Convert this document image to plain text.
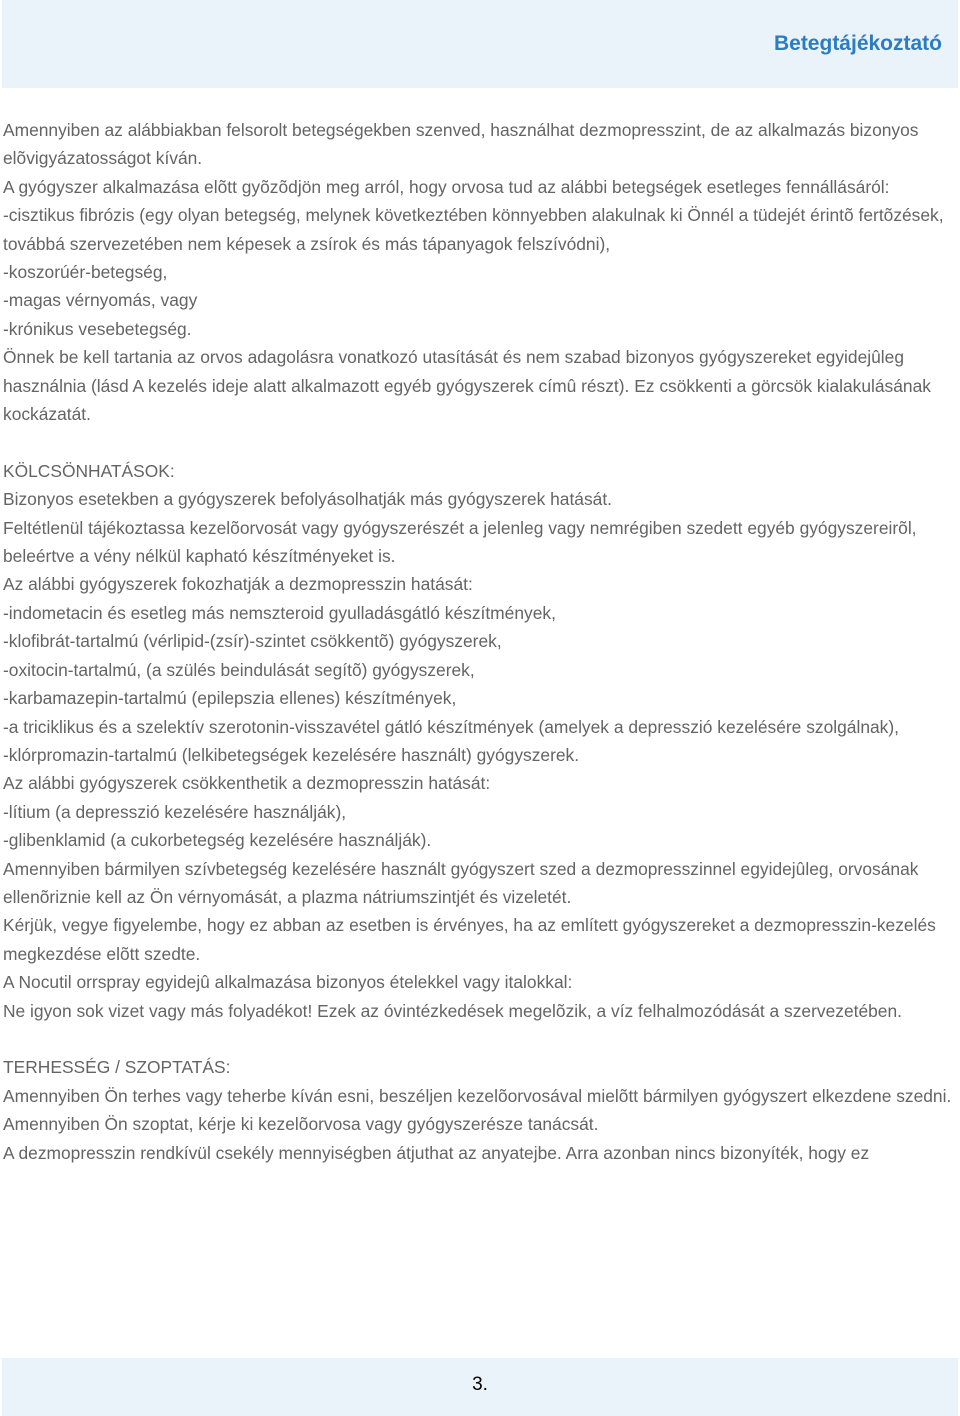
Betegtájékoztató

Amennyiben az alábbiakban felsorolt betegségekben szenved, használhat dezmopresszint, de az alkalmazás bizonyos elõvigyázatosságot kíván.

A gyógyszer alkalmazása elõtt gyõzõdjön meg arról, hogy orvosa tud az alábbi betegségek esetleges fennállásáról:

-cisztikus fibrózis (egy olyan betegség, melynek következtében könnyebben alakulnak ki Önnél a tüdejét érintõ fertõzések, továbbá szervezetében nem képesek a zsírok és más tápanyagok felszívódni),

-koszorúér-betegség,

-magas vérnyomás, vagy

-krónikus vesebetegség.

Önnek be kell tartania az orvos adagolásra vonatkozó utasítását és nem szabad bizonyos gyógyszereket egyidejûleg használnia (lásd A kezelés ideje alatt alkalmazott egyéb gyógyszerek címû részt). Ez csökkenti a görcsök kialakulásának kockázatát.

KÖLCSÖNHATÁSOK:

Bizonyos esetekben a gyógyszerek befolyásolhatják más gyógyszerek hatását.

Feltétlenül tájékoztassa kezelõorvosát vagy gyógyszerészét a jelenleg vagy nemrégiben szedett egyéb gyógyszereirõl, beleértve a vény nélkül kapható készítményeket is.

Az alábbi gyógyszerek fokozhatják a dezmopresszin hatását:

-indometacin és esetleg más nemszteroid gyulladásgátló készítmények,

-klofibrát-tartalmú (vérlipid-(zsír)-szintet csökkentõ) gyógyszerek,

-oxitocin-tartalmú, (a szülés beindulását segítõ) gyógyszerek,

-karbamazepin-tartalmú (epilepszia ellenes) készítmények,

-a triciklikus és a szelektív szerotonin-visszavétel gátló készítmények (amelyek a depresszió kezelésére szolgálnak),

-klórpromazin-tartalmú (lelkibetegségek kezelésére használt) gyógyszerek.

Az alábbi gyógyszerek csökkenthetik a dezmopresszin hatását:

-lítium (a depresszió kezelésére használják),

-glibenklamid (a cukorbetegség kezelésére használják).

Amennyiben bármilyen szívbetegség kezelésére használt gyógyszert szed a dezmopresszinnel egyidejûleg, orvosának ellenõriznie kell az Ön vérnyomását, a plazma nátriumszintjét és vizeletét.

Kérjük, vegye figyelembe, hogy ez abban az esetben is érvényes, ha az említett gyógyszereket a dezmopresszin-kezelés megkezdése elõtt szedte.

A Nocutil orrspray egyidejû alkalmazása bizonyos ételekkel vagy italokkal:

Ne igyon sok vizet vagy más folyadékot! Ezek az óvintézkedések megelõzik, a víz felhalmozódását a szervezetében.

TERHESSÉG / SZOPTATÁS:

Amennyiben Ön terhes vagy teherbe kíván esni, beszéljen kezelõorvosával mielõtt bármilyen gyógyszert elkezdene szedni.

Amennyiben Ön szoptat, kérje ki kezelõorvosa vagy gyógyszerésze tanácsát.

A dezmopresszin rendkívül csekély mennyiségben átjuthat az anyatejbe. Arra azonban nincs bizonyíték, hogy ez

3.
